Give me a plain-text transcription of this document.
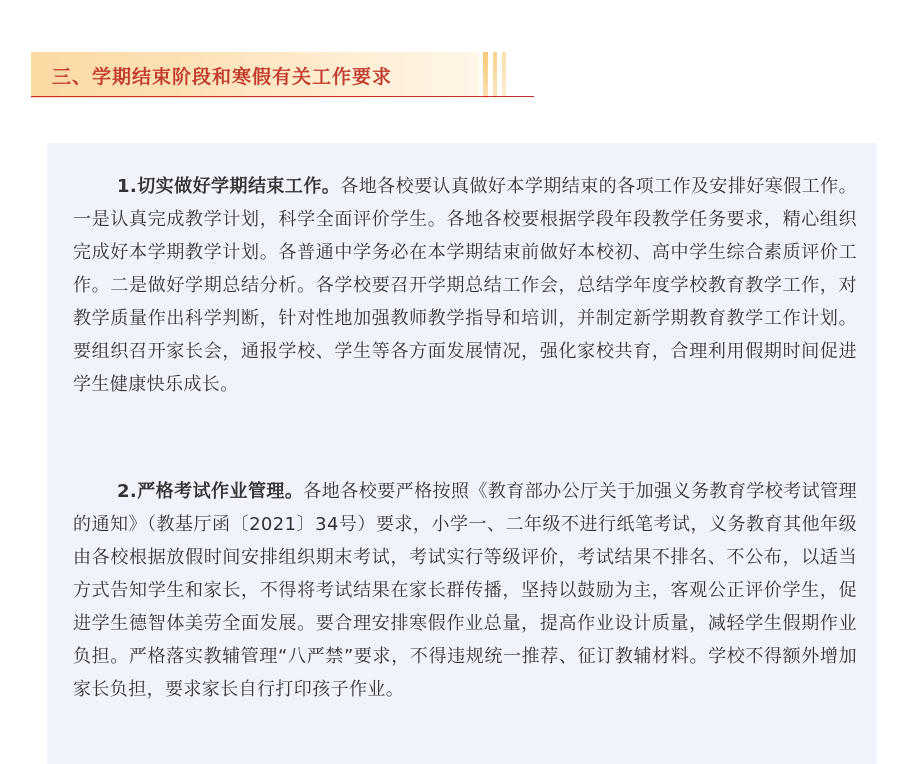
三、学期结束阶段和寒假有关工作要求

1.切实做好学期结束工作。各地各校要认真做好本学期结束的各项工作及安排好寒假工作。一是认真完成教学计划，科学全面评价学生。各地各校要根据学段年段教学任务要求，精心组织完成好本学期教学计划。各普通中学务必在本学期结束前做好本校初、高中学生综合素质评价工作。二是做好学期总结分析。各学校要召开学期总结工作会，总结学年度学校教育教学工作，对教学质量作出科学判断，针对性地加强教师教学指导和培训，并制定新学期教育教学工作计划。要组织召开家长会，通报学校、学生等各方面发展情况，强化家校共育，合理利用假期时间促进学生健康快乐成长。

2.严格考试作业管理。各地各校要严格按照《教育部办公厅关于加强义务教育学校考试管理的通知》（教基厅函〔2021〕34号）要求，小学一、二年级不进行纸笔考试，义务教育其他年级由各校根据放假时间安排组织期末考试，考试实行等级评价，考试结果不排名、不公布，以适当方式告知学生和家长，不得将考试结果在家长群传播，坚持以鼓励为主，客观公正评价学生，促进学生德智体美劳全面发展。要合理安排寒假作业总量，提高作业设计质量，减轻学生假期作业负担。严格落实教辅管理“八严禁”要求，不得违规统一推荐、征订教辅材料。学校不得额外增加家长负担，要求家长自行打印孩子作业。
